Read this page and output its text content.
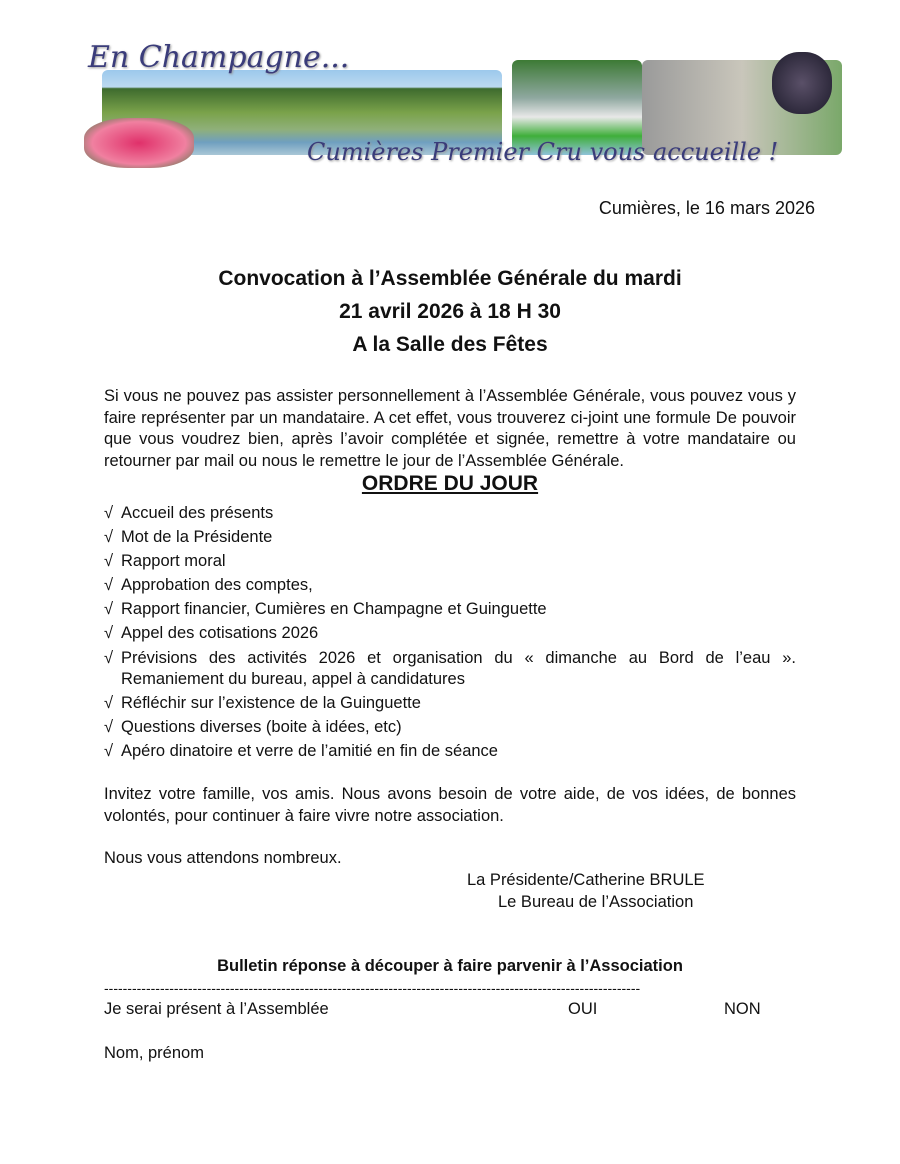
En Champagne...
Cumières Premier Cru vous accueille !
Cumières, le 16 mars 2026
Convocation à l’Assemblée Générale du mardi
21 avril 2026 à 18 H 30
A la Salle des Fêtes
Si vous ne pouvez pas assister personnellement à l’Assemblée Générale, vous pouvez vous y faire représenter par un mandataire. A cet effet, vous trouverez ci-joint une formule De pouvoir que vous voudrez bien, après l’avoir complétée et signée, remettre à votre mandataire ou retourner par mail ou nous le remettre le jour de l’Assemblée Générale.
ORDRE DU JOUR
√ Accueil des présents
√ Mot de la Présidente
√ Rapport moral
√ Approbation des comptes,
√ Rapport financier, Cumières en Champagne et Guinguette
√ Appel des cotisations 2026
√ Prévisions des activités 2026 et organisation du « dimanche au Bord de l’eau ».
Remaniement du bureau, appel à candidatures
√ Réfléchir sur l’existence de la Guinguette
√ Questions diverses (boite à idées, etc)
√ Apéro dinatoire et verre de l’amitié en fin de séance
Invitez votre famille, vos amis. Nous avons besoin de votre aide, de vos idées, de bonnes volontés, pour continuer à faire vivre notre association.
Nous vous attendons nombreux.
La Présidente/Catherine BRULE
Le Bureau de l’Association
Bulletin réponse à découper à faire parvenir à l’Association
-------------------------------------------------------------------------------------------------------------------
Je serai présent à l’Assemblée	OUI	NON
Nom, prénom
